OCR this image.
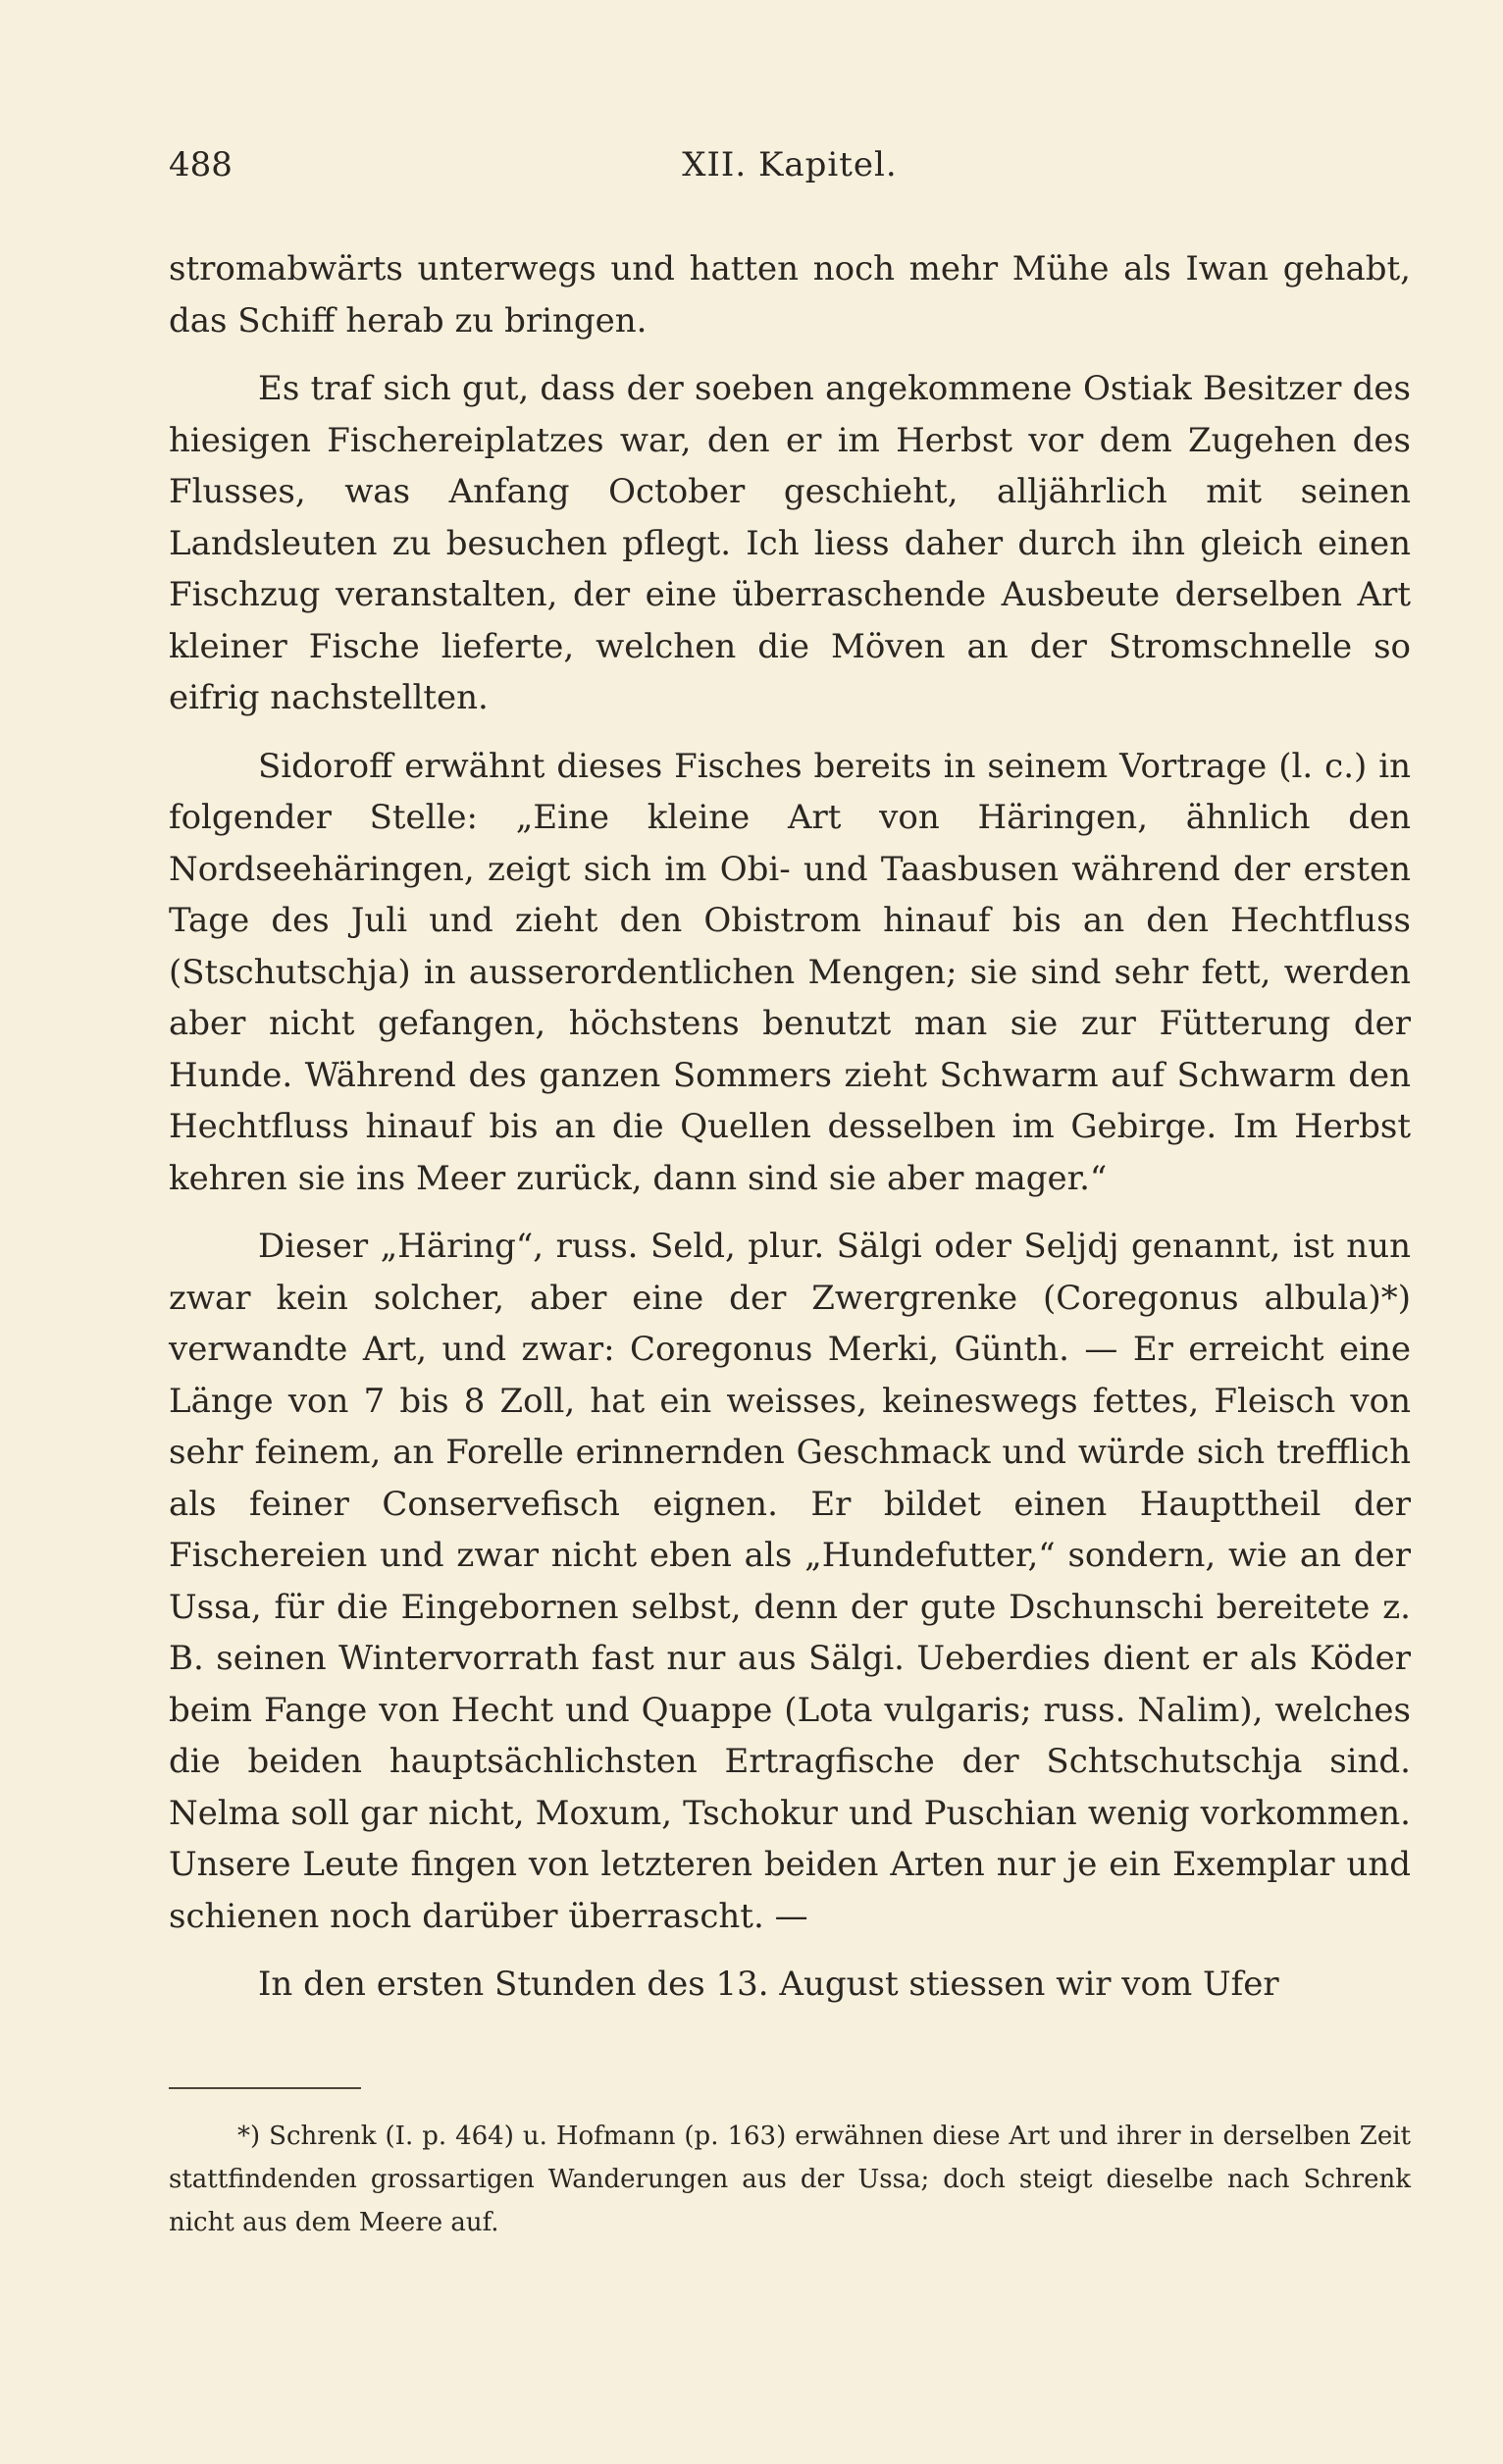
488	XII. Kapitel.

stromabwärts unterwegs und hatten noch mehr Mühe als Iwan gehabt, das Schiff herab zu bringen.

Es traf sich gut, dass der soeben angekommene Ostiak Besitzer des hiesigen Fischereiplatzes war, den er im Herbst vor dem Zugehen des Flusses, was Anfang October geschieht, alljährlich mit seinen Landsleuten zu besuchen pflegt. Ich liess daher durch ihn gleich einen Fischzug veranstalten, der eine überraschende Ausbeute derselben Art kleiner Fische lieferte, welchen die Möven an der Stromschnelle so eifrig nachstellten.

Sidoroff erwähnt dieses Fisches bereits in seinem Vortrage (l. c.) in folgender Stelle: „Eine kleine Art von Häringen, ähnlich den Nordseehäringen, zeigt sich im Obi- und Taasbusen während der ersten Tage des Juli und zieht den Obistrom hinauf bis an den Hechtfluss (Stschutschja) in ausserordentlichen Mengen; sie sind sehr fett, werden aber nicht gefangen, höchstens benutzt man sie zur Fütterung der Hunde. Während des ganzen Sommers zieht Schwarm auf Schwarm den Hechtfluss hinauf bis an die Quellen desselben im Gebirge. Im Herbst kehren sie ins Meer zurück, dann sind sie aber mager.“

Dieser „Häring“, russ. Seld, plur. Sälgi oder Seljdj genannt, ist nun zwar kein solcher, aber eine der Zwergrenke (Coregonus albula)*) verwandte Art, und zwar: Coregonus Merki, Günth. — Er erreicht eine Länge von 7 bis 8 Zoll, hat ein weisses, keineswegs fettes, Fleisch von sehr feinem, an Forelle erinnernden Geschmack und würde sich trefflich als feiner Conservefisch eignen. Er bildet einen Haupttheil der Fischereien und zwar nicht eben als „Hundefutter,“ sondern, wie an der Ussa, für die Eingebornen selbst, denn der gute Dschunschi bereitete z. B. seinen Wintervorrath fast nur aus Sälgi. Ueberdies dient er als Köder beim Fange von Hecht und Quappe (Lota vulgaris; russ. Nalim), welches die beiden hauptsächlichsten Ertragfische der Schtschutschja sind. Nelma soll gar nicht, Moxum, Tschokur und Puschian wenig vorkommen. Unsere Leute fingen von letzteren beiden Arten nur je ein Exemplar und schienen noch darüber überrascht. —

In den ersten Stunden des 13. August stiessen wir vom Ufer

*) Schrenk (I. p. 464) u. Hofmann (p. 163) erwähnen diese Art und ihrer in derselben Zeit stattfindenden grossartigen Wanderungen aus der Ussa; doch steigt dieselbe nach Schrenk nicht aus dem Meere auf.
